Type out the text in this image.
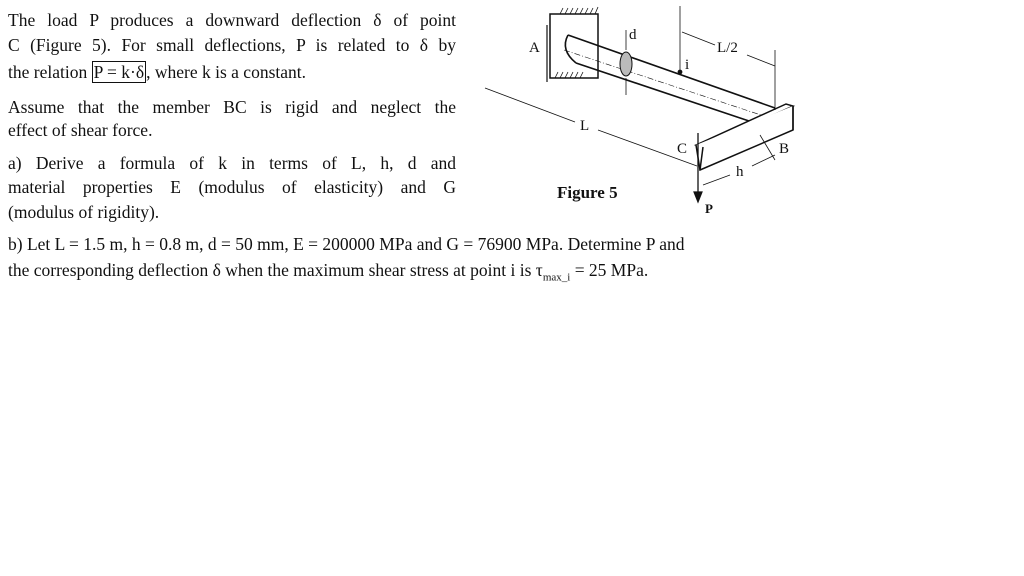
The load P produces a downward deflection δ of point
C (Figure 5). For small deflections, P is related to δ by
the relation P = k·δ , where k is a constant.
Assume that the member BC is rigid and neglect the
effect of shear force.
a) Derive a formula of k in terms of L, h, d and
material properties E (modulus of elasticity) and G
(modulus of rigidity).
b) Let L = 1.5 m, h = 0.8 m, d = 50 mm, E = 200000 MPa and G = 76900 MPa. Determine P and
the corresponding deflection δ when the maximum shear stress at point i is $\tau_{max\_i} = 25$ MPa.
A
d
i
L/2
L
C	B
h
P
Figure 5
